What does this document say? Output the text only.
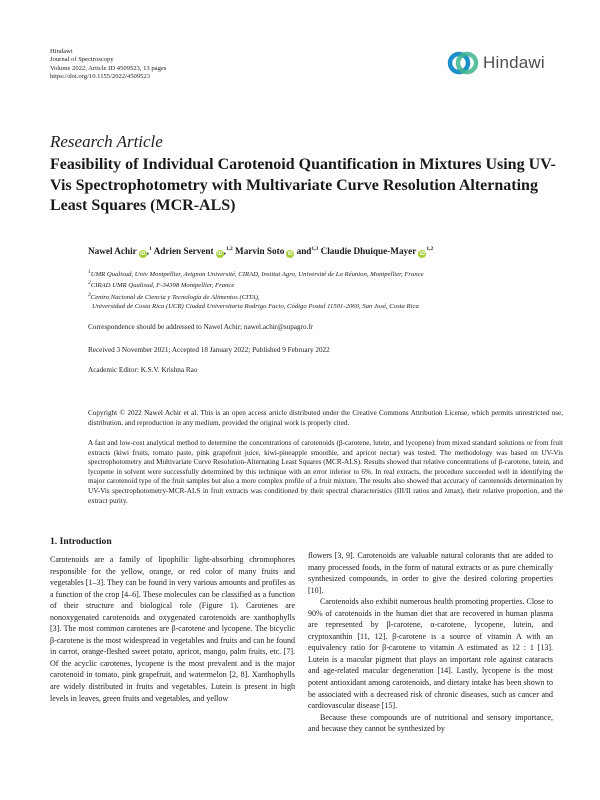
Hindawi
Journal of Spectroscopy
Volume 2022, Article ID 4509523, 13 pages
https://doi.org/10.1155/2022/4509523
Hindawi
Research Article
Feasibility of Individual Carotenoid Quantification in Mixtures Using UV-Vis Spectrophotometry with Multivariate Curve Resolution Alternating Least Squares (MCR-ALS)
Nawel Achir iD ,$^1$ Adrien Servent iD ,$^{1,2}$ Marvin Soto iD and$^{1,3}$ Claudie Dhuique-Mayer iD$^{1,2}$
$^1$UMR Qualisud, Univ Montpellier, Avignon Université, CIRAD, Institut Agro, Université de La Réunion, Montpellier, France
$^2$CIRAD UMR Qualisud, F-34398 Montpellier, France
$^3$Centro Nacional de Ciencia y Tecnología de Alimentos (CITA),
Universidad de Costa Rica (UCR) Ciudad Universitaria Rodrigo Facio, Código Postal 11501-2060, San José, Costa Rica
Correspondence should be addressed to Nawel Achir; nawel.achir@supagro.fr
Received 3 November 2021; Accepted 18 January 2022; Published 9 February 2022
Academic Editor: K.S.V. Krishna Rao
Copyright © 2022 Nawel Achir et al. This is an open access article distributed under the Creative Commons Attribution License, which permits unrestricted use, distribution, and reproduction in any medium, provided the original work is properly cited.
A fast and low-cost analytical method to determine the concentrations of carotenoids (β-carotene, lutein, and lycopene) from mixed standard solutions or from fruit extracts (kiwi fruits, tomato paste, pink grapefruit juice, kiwi-pineapple smoothie, and apricot nectar) was tested. The methodology was based on UV-Vis spectrophotometry and Multivariate Curve Resolution-Alternating Least Squares (MCR-ALS). Results showed that relative concentrations of β-carotene, lutein, and lycopene in solvent were successfully determined by this technique with an error inferior to 6%. In real extracts, the procedure succeeded well in identifying the major carotenoid type of the fruit samples but also a more complex profile of a fruit mixture. The results also showed that accuracy of carotenoids determination by UV-Vis spectrophotometry-MCR-ALS in fruit extracts was conditioned by their spectral characteristics (III/II ratios and λmax), their relative proportion, and the extract purity.
1. Introduction

Carotenoids are a family of lipophilic light-absorbing chromophores responsible for the yellow, orange, or red color of many fruits and vegetables [1–3]. They can be found in very various amounts and profiles as a function of the crop [4–6]. These molecules can be classified as a function of their structure and biological role (Figure 1). Carotenes are nonoxygenated carotenoids and oxygenated carotenoids are xanthophylls [3]. The most common carotenes are β-carotene and lycopene. The bicyclic β-carotene is the most widespread in vegetables and fruits and can be found in carrot, orange-fleshed sweet potato, apricot, mango, palm fruits, etc. [7]. Of the acyclic carotenes, lycopene is the most prevalent and is the major carotenoid in tomato, pink grapefruit, and watermelon [2, 8]. Xanthophylls are widely distributed in fruits and vegetables. Lutein is present in high levels in leaves, green fruits and vegetables, and yellow

flowers [3, 9]. Carotenoids are valuable natural colorants that are added to many processed foods, in the form of natural extracts or as pure chemically synthesized compounds, in order to give the desired coloring properties [10].

Carotenoids also exhibit numerous health promoting properties. Close to 90% of carotenoids in the human diet that are recovered in human plasma are represented by β-carotene, α-carotene, lycopene, lutein, and cryptoxanthin [11, 12]. β-carotene is a source of vitamin A with an equivalency ratio for β-carotene to vitamin A estimated as 12 : 1 [13]. Lutein is a macular pigment that plays an important role against cataracts and age-related macular degeneration [14]. Lastly, lycopene is the most potent antioxidant among carotenoids, and dietary intake has been shown to be associated with a decreased risk of chronic diseases, such as cancer and cardiovascular disease [15].

Because these compounds are of nutritional and sensory importance, and because they cannot be synthesized by
